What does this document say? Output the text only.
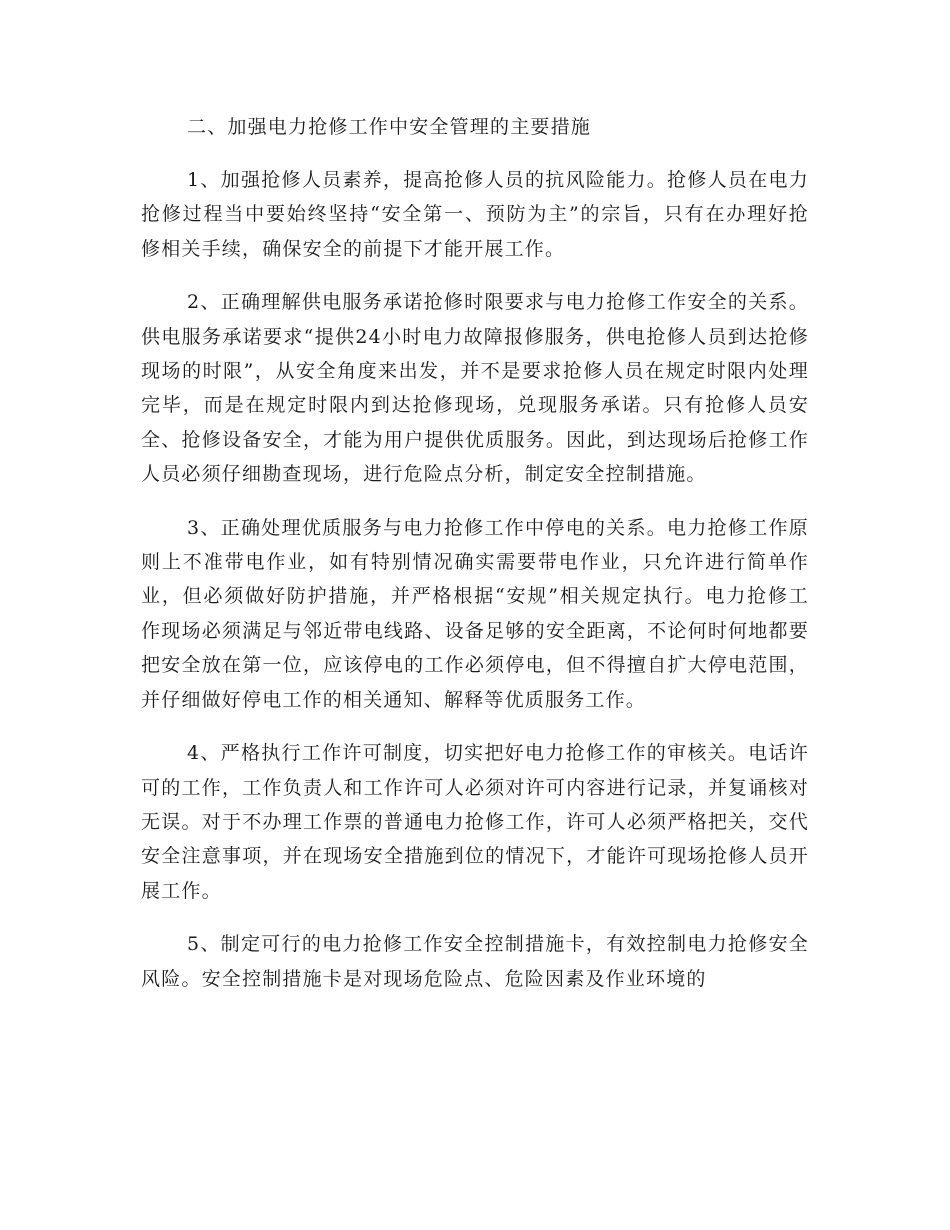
二、加强电力抢修工作中安全管理的主要措施

1、加强抢修人员素养，提高抢修人员的抗风险能力。抢修人员在电力抢修过程当中要始终坚持“安全第一、预防为主”的宗旨，只有在办理好抢修相关手续，确保安全的前提下才能开展工作。

2、正确理解供电服务承诺抢修时限要求与电力抢修工作安全的关系。供电服务承诺要求“提供24小时电力故障报修服务，供电抢修人员到达抢修现场的时限”，从安全角度来出发，并不是要求抢修人员在规定时限内处理完毕，而是在规定时限内到达抢修现场，兑现服务承诺。只有抢修人员安全、抢修设备安全，才能为用户提供优质服务。因此，到达现场后抢修工作人员必须仔细勘查现场，进行危险点分析，制定安全控制措施。

3、正确处理优质服务与电力抢修工作中停电的关系。电力抢修工作原则上不准带电作业，如有特别情况确实需要带电作业，只允许进行简单作业，但必须做好防护措施，并严格根据“安规”相关规定执行。电力抢修工作现场必须满足与邻近带电线路、设备足够的安全距离，不论何时何地都要把安全放在第一位，应该停电的工作必须停电，但不得擅自扩大停电范围，并仔细做好停电工作的相关通知、解释等优质服务工作。

4、严格执行工作许可制度，切实把好电力抢修工作的审核关。电话许可的工作，工作负责人和工作许可人必须对许可内容进行记录，并复诵核对无误。对于不办理工作票的普通电力抢修工作，许可人必须严格把关，交代安全注意事项，并在现场安全措施到位的情况下，才能许可现场抢修人员开展工作。

5、制定可行的电力抢修工作安全控制措施卡，有效控制电力抢修安全风险。安全控制措施卡是对现场危险点、危险因素及作业环境的
